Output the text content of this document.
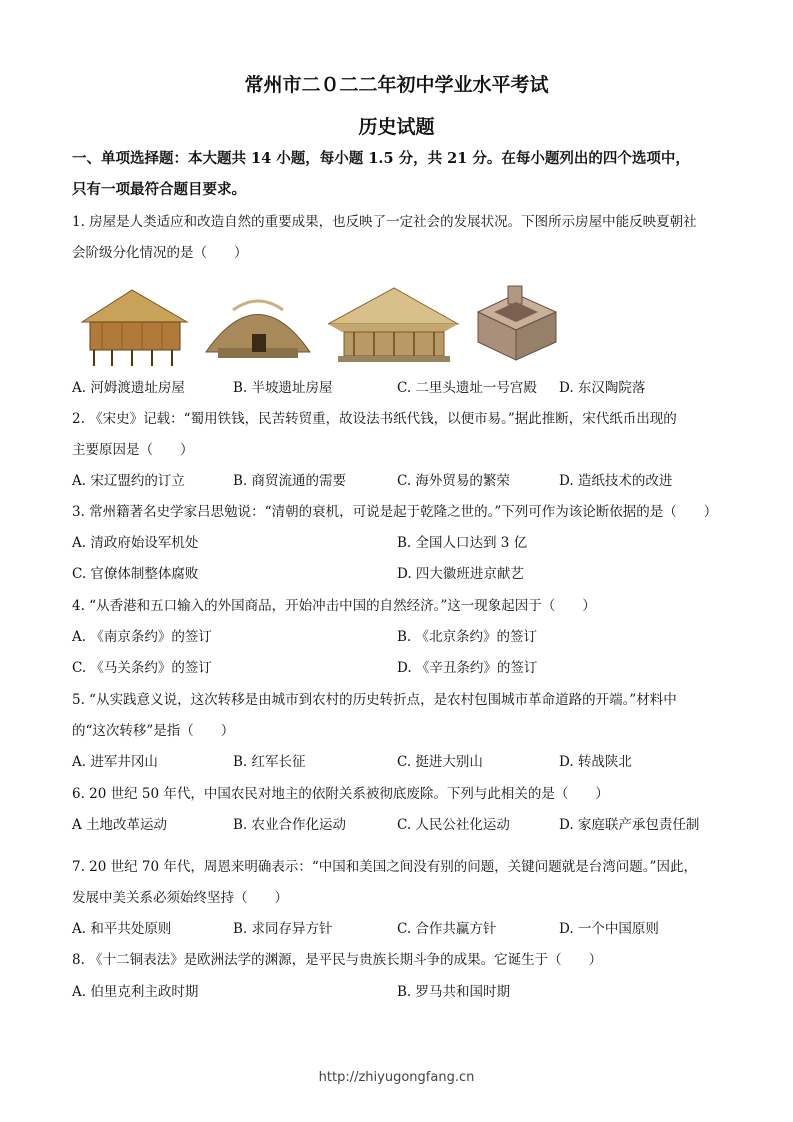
常州市二０二二年初中学业水平考试
历史试题
一、单项选择题：本大题共 14 小题，每小题 1.5 分，共 21 分。在每小题列出的四个选项中，
只有一项最符合题目要求。
1. 房屋是人类适应和改造自然的重要成果，也反映了一定社会的发展状况。下图所示房屋中能反映夏朝社
会阶级分化情况的是（　　）
A. 河姆渡遗址房屋	B. 半坡遗址房屋	C. 二里头遗址一号宫殿 D. 东汉陶院落
2. 《宋史》记载：“蜀用铁钱，民苦转贸重，故设法书纸代钱，以便市易。”据此推断，宋代纸币出现的
主要原因是（　　）
A. 宋辽盟约的订立	B. 商贸流通的需要	C. 海外贸易的繁荣	D. 造纸技术的改进
3. 常州籍著名史学家吕思勉说：“清朝的衰机，可说是起于乾隆之世的。”下列可作为该论断依据的是（　　）
A. 清政府始设军机处	B. 全国人口达到 3 亿
C. 官僚体制整体腐败	D. 四大徽班进京献艺
4. “从香港和五口输入的外国商品，开始冲击中国的自然经济。”这一现象起因于（　　）
A. 《南京条约》的签订	B. 《北京条约》的签订
C. 《马关条约》的签订	D. 《辛丑条约》的签订
5. “从实践意义说，这次转移是由城市到农村的历史转折点，是农村包围城市革命道路的开端。”材料中
的“这次转移”是指（　　）
A. 进军井冈山	B. 红军长征	C. 挺进大别山	D. 转战陕北
6. 20 世纪 50 年代，中国农民对地主的依附关系被彻底废除。下列与此相关的是（　　）
A 土地改革运动	B. 农业合作化运动	C. 人民公社化运动	D. 家庭联产承包责任制
7. 20 世纪 70 年代，周恩来明确表示：“中国和美国之间没有别的问题，关键问题就是台湾问题。”因此，
发展中美关系必须始终坚持（　　）
A. 和平共处原则	B. 求同存异方针	C. 合作共赢方针	D. 一个中国原则
8. 《十二铜表法》是欧洲法学的渊源，是平民与贵族长期斗争的成果。它诞生于（　　）
A. 伯里克利主政时期	B. 罗马共和国时期
http://zhiyugongfang.cn
